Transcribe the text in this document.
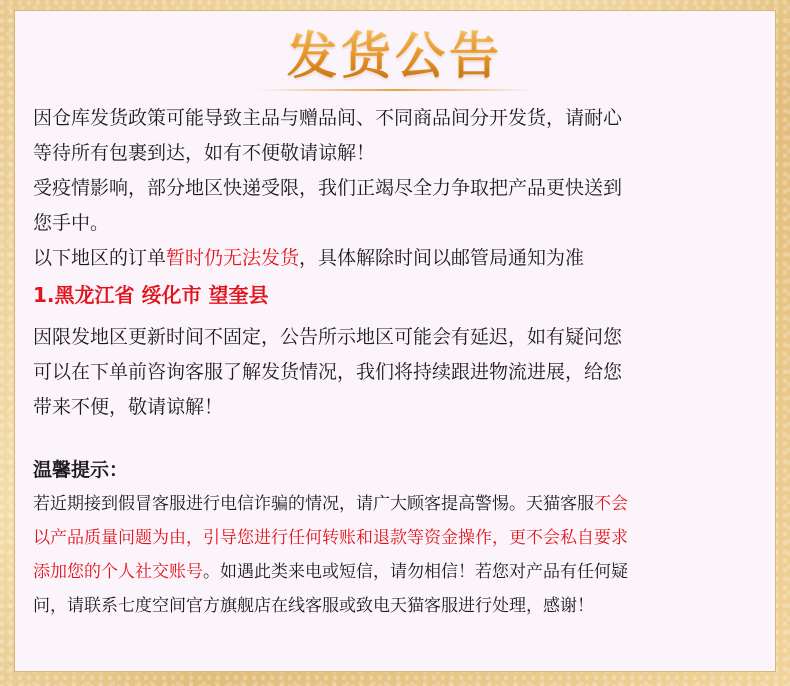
发货公告

因仓库发货政策可能导致主品与赠品间、不同商品间分开发货，请耐心

等待所有包裹到达，如有不便敬请谅解！

受疫情影响，部分地区快递受限，我们正竭尽全力争取把产品更快送到

您手中。

以下地区的订单暂时仍无法发货，具体解除时间以邮管局通知为准

1.黑龙江省 绥化市 望奎县

因限发地区更新时间不固定，公告所示地区可能会有延迟，如有疑问您

可以在下单前咨询客服了解发货情况，我们将持续跟进物流进展，给您

带来不便，敬请谅解！

温馨提示：

若近期接到假冒客服进行电信诈骗的情况，请广大顾客提高警惕。天猫客服不会

以产品质量问题为由，引导您进行任何转账和退款等资金操作，更不会私自要求

添加您的个人社交账号。如遇此类来电或短信，请勿相信！若您对产品有任何疑

问，请联系七度空间官方旗舰店在线客服或致电天猫客服进行处理，感谢！
